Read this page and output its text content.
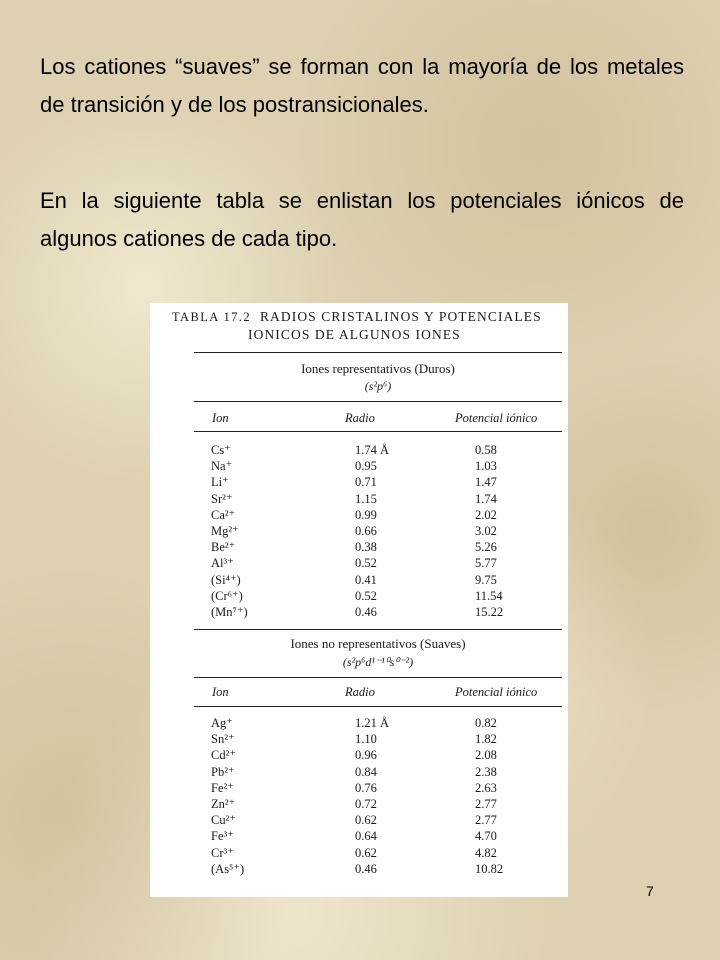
Los cationes “suaves” se forman con la mayoría de los metales de transición y de los postransicionales.

En la siguiente tabla se enlistan los potenciales iónicos de algunos cationes de cada tipo.

TABLA 17.2 RADIOS CRISTALINOS Y POTENCIALES
IONICOS DE ALGUNOS IONES
Iones representativos (Duros)
(s²p⁶)
Ion	Radio	Potencial iónico
Cs⁺	1.74 Å	0.58
Na⁺	0.95	1.03
Li⁺	0.71	1.47
Sr²⁺	1.15	1.74
Ca²⁺	0.99	2.02
Mg²⁺	0.66	3.02
Be²⁺	0.38	5.26
Al³⁺	0.52	5.77
(Si⁴⁺)	0.41	9.75
(Cr⁶⁺)	0.52	11.54
(Mn⁷⁺)	0.46	15.22
Iones no representativos (Suaves)
(s²p⁶d¹⁻¹⁰s⁰⁻²)
Ion	Radio	Potencial iónico
Ag⁺	1.21 Å	0.82
Sn²⁺	1.10	1.82
Cd²⁺	0.96	2.08
Pb²⁺	0.84	2.38
Fe²⁺	0.76	2.63
Zn²⁺	0.72	2.77
Cu²⁺	0.62	2.77
Fe³⁺	0.64	4.70
Cr³⁺	0.62	4.82
(As⁵⁺)	0.46	10.82
7
